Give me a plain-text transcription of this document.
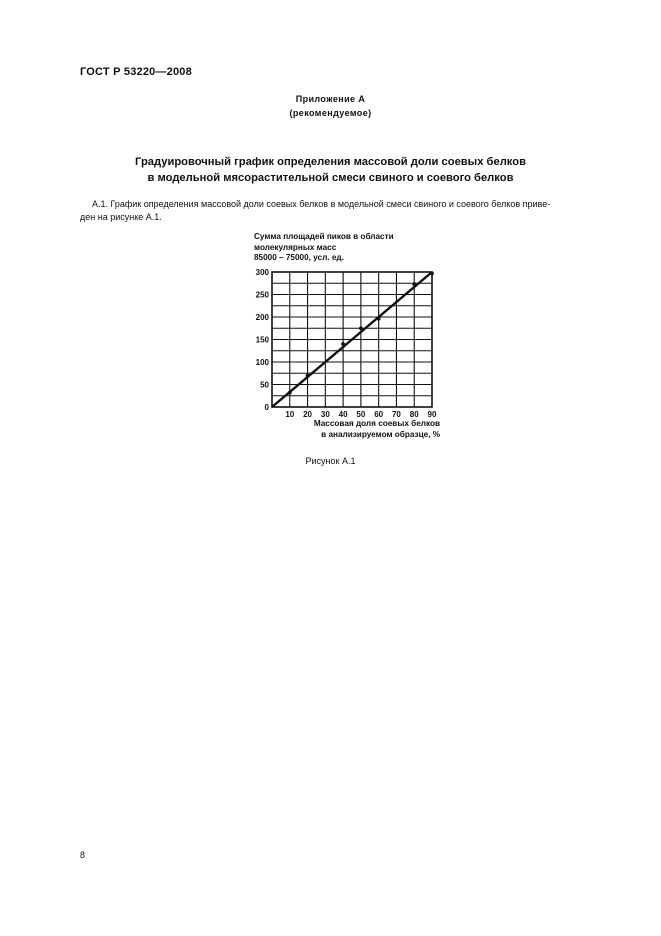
ГОСТ Р 53220—2008
Приложение А
(рекомендуемое)
Градуировочный график определения массовой доли соевых белков
в модельной мясорастительной смеси свиного и соевого белков
А.1. График определения массовой доли соевых белков в модельной смеси свиного и соевого белков приве-
ден на рисунке А.1.
Сумма площадей пиков в области
молекулярных масс
85000 – 75000, усл. ед.
10 20 30 40 50 60 70 80 90
50
100
150
200
250
300
0
Массовая доля соевых белков
в анализируемом образце, %
Рисунок А.1
8
